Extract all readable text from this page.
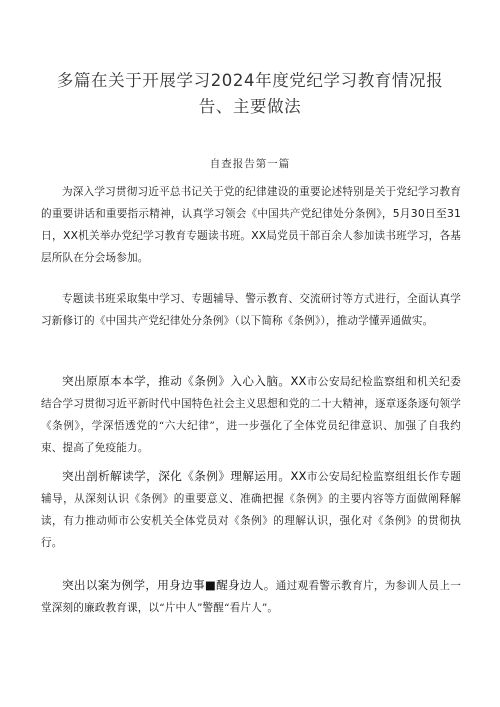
多篇在关于开展学习2024年度党纪学习教育情况报告、主要做法
自查报告第一篇

为深入学习贯彻习近平总书记关于党的纪律建设的重要论述特别是关于党纪学习教育的重要讲话和重要指示精神，认真学习领会《中国共产党纪律处分条例》，5月30日至31日，XX机关举办党纪学习教育专题读书班。XX局党员干部百余人参加读书班学习，各基层所队在分会场参加。

专题读书班采取集中学习、专题辅导、警示教育、交流研讨等方式进行，全面认真学习新修订的《中国共产党纪律处分条例》（以下简称《条例》），推动学懂弄通做实。

突出原原本本学，推动《条例》入心入脑。XX市公安局纪检监察组和机关纪委结合学习贯彻习近平新时代中国特色社会主义思想和党的二十大精神，逐章逐条逐句领学《条例》，学深悟透党的“六大纪律”，进一步强化了全体党员纪律意识、加强了自我约束、提高了免疫能力。

突出剖析解读学，深化《条例》理解运用。XX市公安局纪检监察组组长作专题辅导，从深刻认识《条例》的重要意义、准确把握《条例》的主要内容等方面做阐释解读，有力推动师市公安机关全体党员对《条例》的理解认识，强化对《条例》的贯彻执行。

突出以案为例学，用身边事■醒身边人。通过观看警示教育片，为参训人员上一堂深刻的廉政教育课，以“片中人”警醒“看片人”。
